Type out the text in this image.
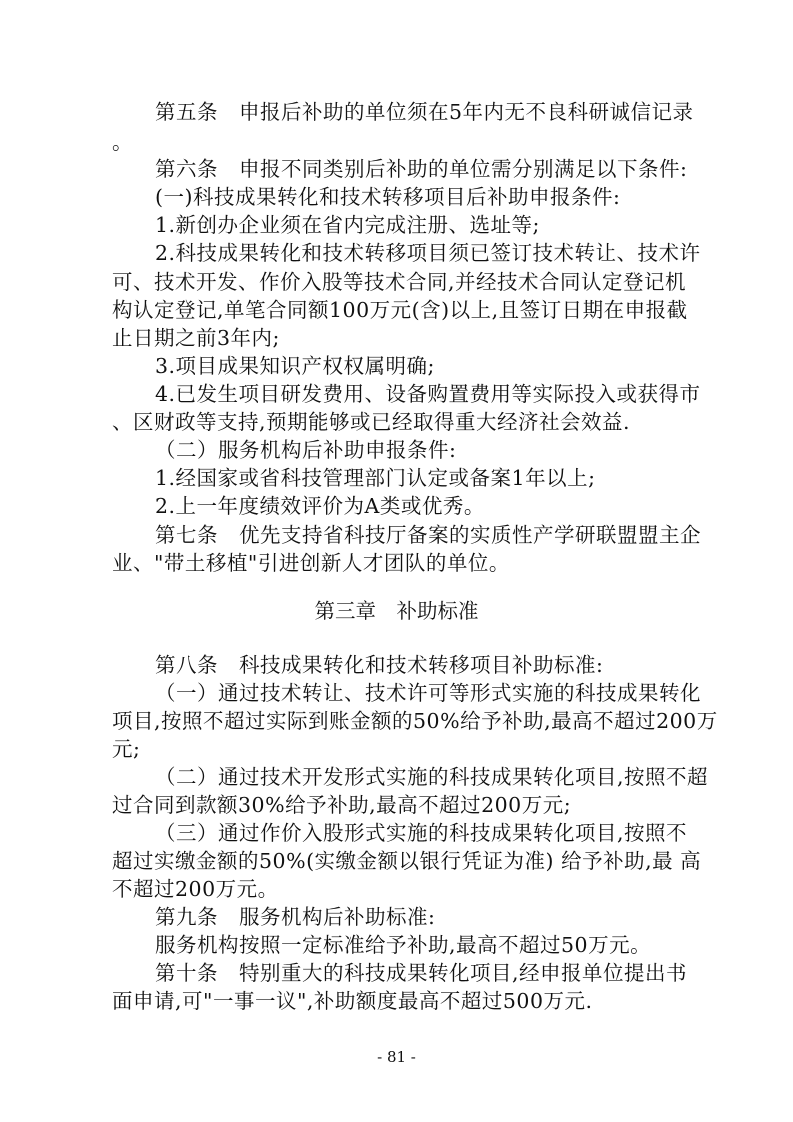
第五条　申报后补助的单位须在5年内无不良科研诚信记录
。
第六条　申报不同类别后补助的单位需分别满足以下条件:
(一)科技成果转化和技术转移项目后补助申报条件:
1.新创办企业须在省内完成注册、选址等;
2.科技成果转化和技术转移项目须已签订技术转让、技术许
可、技术开发、作价入股等技术合同,并经技术合同认定登记机
构认定登记,单笔合同额100万元(含)以上,且签订日期在申报截
止日期之前3年内;
3.项目成果知识产权权属明确;
4.已发生项目研发费用、设备购置费用等实际投入或获得市
、区财政等支持,预期能够或已经取得重大经济社会效益.
（二）服务机构后补助申报条件:
1.经国家或省科技管理部门认定或备案1年以上;
2.上一年度绩效评价为A类或优秀。
第七条　优先支持省科技厅备案的实质性产学研联盟盟主企
业、"带土移植"引进创新人才团队的单位。
第三章　补助标准
第八条　科技成果转化和技术转移项目补助标准:
（一）通过技术转让、技术许可等形式实施的科技成果转化
项目,按照不超过实际到账金额的50%给予补助,最高不超过200万
元;
（二）通过技术开发形式实施的科技成果转化项目,按照不超
过合同到款额30%给予补助,最高不超过200万元;
（三）通过作价入股形式实施的科技成果转化项目,按照不
超过实缴金额的50%(实缴金额以银行凭证为准) 给予补助,最 高
不超过200万元。
第九条　服务机构后补助标准:
服务机构按照一定标准给予补助,最高不超过50万元。
第十条　特别重大的科技成果转化项目,经申报单位提出书
面申请,可"一事一议",补助额度最高不超过500万元.
- 81 -
